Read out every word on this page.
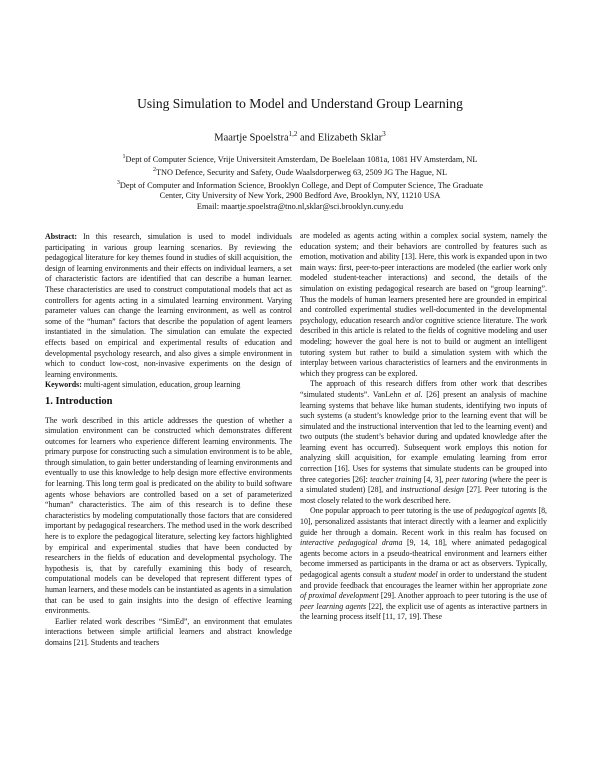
Using Simulation to Model and Understand Group Learning
Maartje Spoelstra$^{1,2}$ and Elizabeth Sklar$^3$
$^1$Dept of Computer Science, Vrije Universiteit Amsterdam, De Boelelaan 1081a, 1081 HV Amsterdam, NL
$^2$TNO Defence, Security and Safety, Oude Waalsdorperweg 63, 2509 JG The Hague, NL
$^3$Dept of Computer and Information Science, Brooklyn College, and Dept of Computer Science, The Graduate
Center, City University of New York, 2900 Bedford Ave, Brooklyn, NY, 11210 USA
Email: maartje.spoelstra@tno.nl,sklar@sci.brooklyn.cuny.edu

Abstract: In this research, simulation is used to model individuals participating in various group learning scenarios. By reviewing the pedagogical literature for key themes found in studies of skill acquisition, the design of learning environments and their effects on individual learners, a set of characteristic factors are identified that can describe a human learner. These characteristics are used to construct computational models that act as controllers for agents acting in a simulated learning environment. Varying parameter values can change the learning environment, as well as control some of the “human” factors that describe the population of agent learners instantiated in the simulation. The simulation can emulate the expected effects based on empirical and experimental results of education and developmental psychology research, and also gives a simple environment in which to conduct low-cost, non-invasive experiments on the design of learning environments.

Keywords: multi-agent simulation, education, group learning

1. Introduction

The work described in this article addresses the question of whether a simulation environment can be constructed which demonstrates different outcomes for learners who experience different learning environments. The primary purpose for constructing such a simulation environment is to be able, through simulation, to gain better understanding of learning environments and eventually to use this knowledge to help design more effective environments for learning. This long term goal is predicated on the ability to build software agents whose behaviors are controlled based on a set of parameterized “human” characteristics. The aim of this research is to define these characteristics by modeling computationally those factors that are considered important by pedagogical researchers. The method used in the work described here is to explore the pedagogical literature, selecting key factors highlighted by empirical and experimental studies that have been conducted by researchers in the fields of education and developmental psychology. The hypothesis is, that by carefully examining this body of research, computational models can be developed that represent different types of human learners, and these models can be instantiated as agents in a simulation that can be used to gain insights into the design of effective learning environments.

Earlier related work describes “SimEd”, an environment that emulates interactions between simple artificial learners and abstract knowledge domains [21]. Students and teachers

are modeled as agents acting within a complex social system, namely the education system; and their behaviors are controlled by features such as emotion, motivation and ability [13]. Here, this work is expanded upon in two main ways: first, peer-to-peer interactions are modeled (the earlier work only modeled student-teacher interactions) and second, the details of the simulation on existing pedagogical research are based on “group learning”. Thus the models of human learners presented here are grounded in empirical and controlled experimental studies well-documented in the developmental psychology, education research and/or cognitive science literature. The work described in this article is related to the fields of cognitive modeling and user modeling; however the goal here is not to build or augment an intelligent tutoring system but rather to build a simulation system with which the interplay between various characteristics of learners and the environments in which they progress can be explored.

The approach of this research differs from other work that describes “simulated students”. VanLehn et al. [26] present an analysis of machine learning systems that behave like human students, identifying two inputs of such systems (a student’s knowledge prior to the learning event that will be simulated and the instructional intervention that led to the learning event) and two outputs (the student’s behavior during and updated knowledge after the learning event has occurred). Subsequent work employs this notion for analyzing skill acquisition, for example emulating learning from error correction [16]. Uses for systems that simulate students can be grouped into three categories [26]: teacher training [4, 3], peer tutoring (where the peer is a simulated student) [28], and instructional design [27]. Peer tutoring is the most closely related to the work described here.

One popular approach to peer tutoring is the use of pedagogical agents [8, 10], personalized assistants that interact directly with a learner and explicitly guide her through a domain. Recent work in this realm has focused on interactive pedagogical drama [9, 14, 18], where animated pedagogical agents become actors in a pseudo-theatrical environment and learners either become immersed as participants in the drama or act as observers. Typically, pedagogical agents consult a student model in order to understand the student and provide feedback that encourages the learner within her appropriate zone of proximal development [29]. Another approach to peer tutoring is the use of peer learning agents [22], the explicit use of agents as interactive partners in the learning process itself [11, 17, 19]. These
